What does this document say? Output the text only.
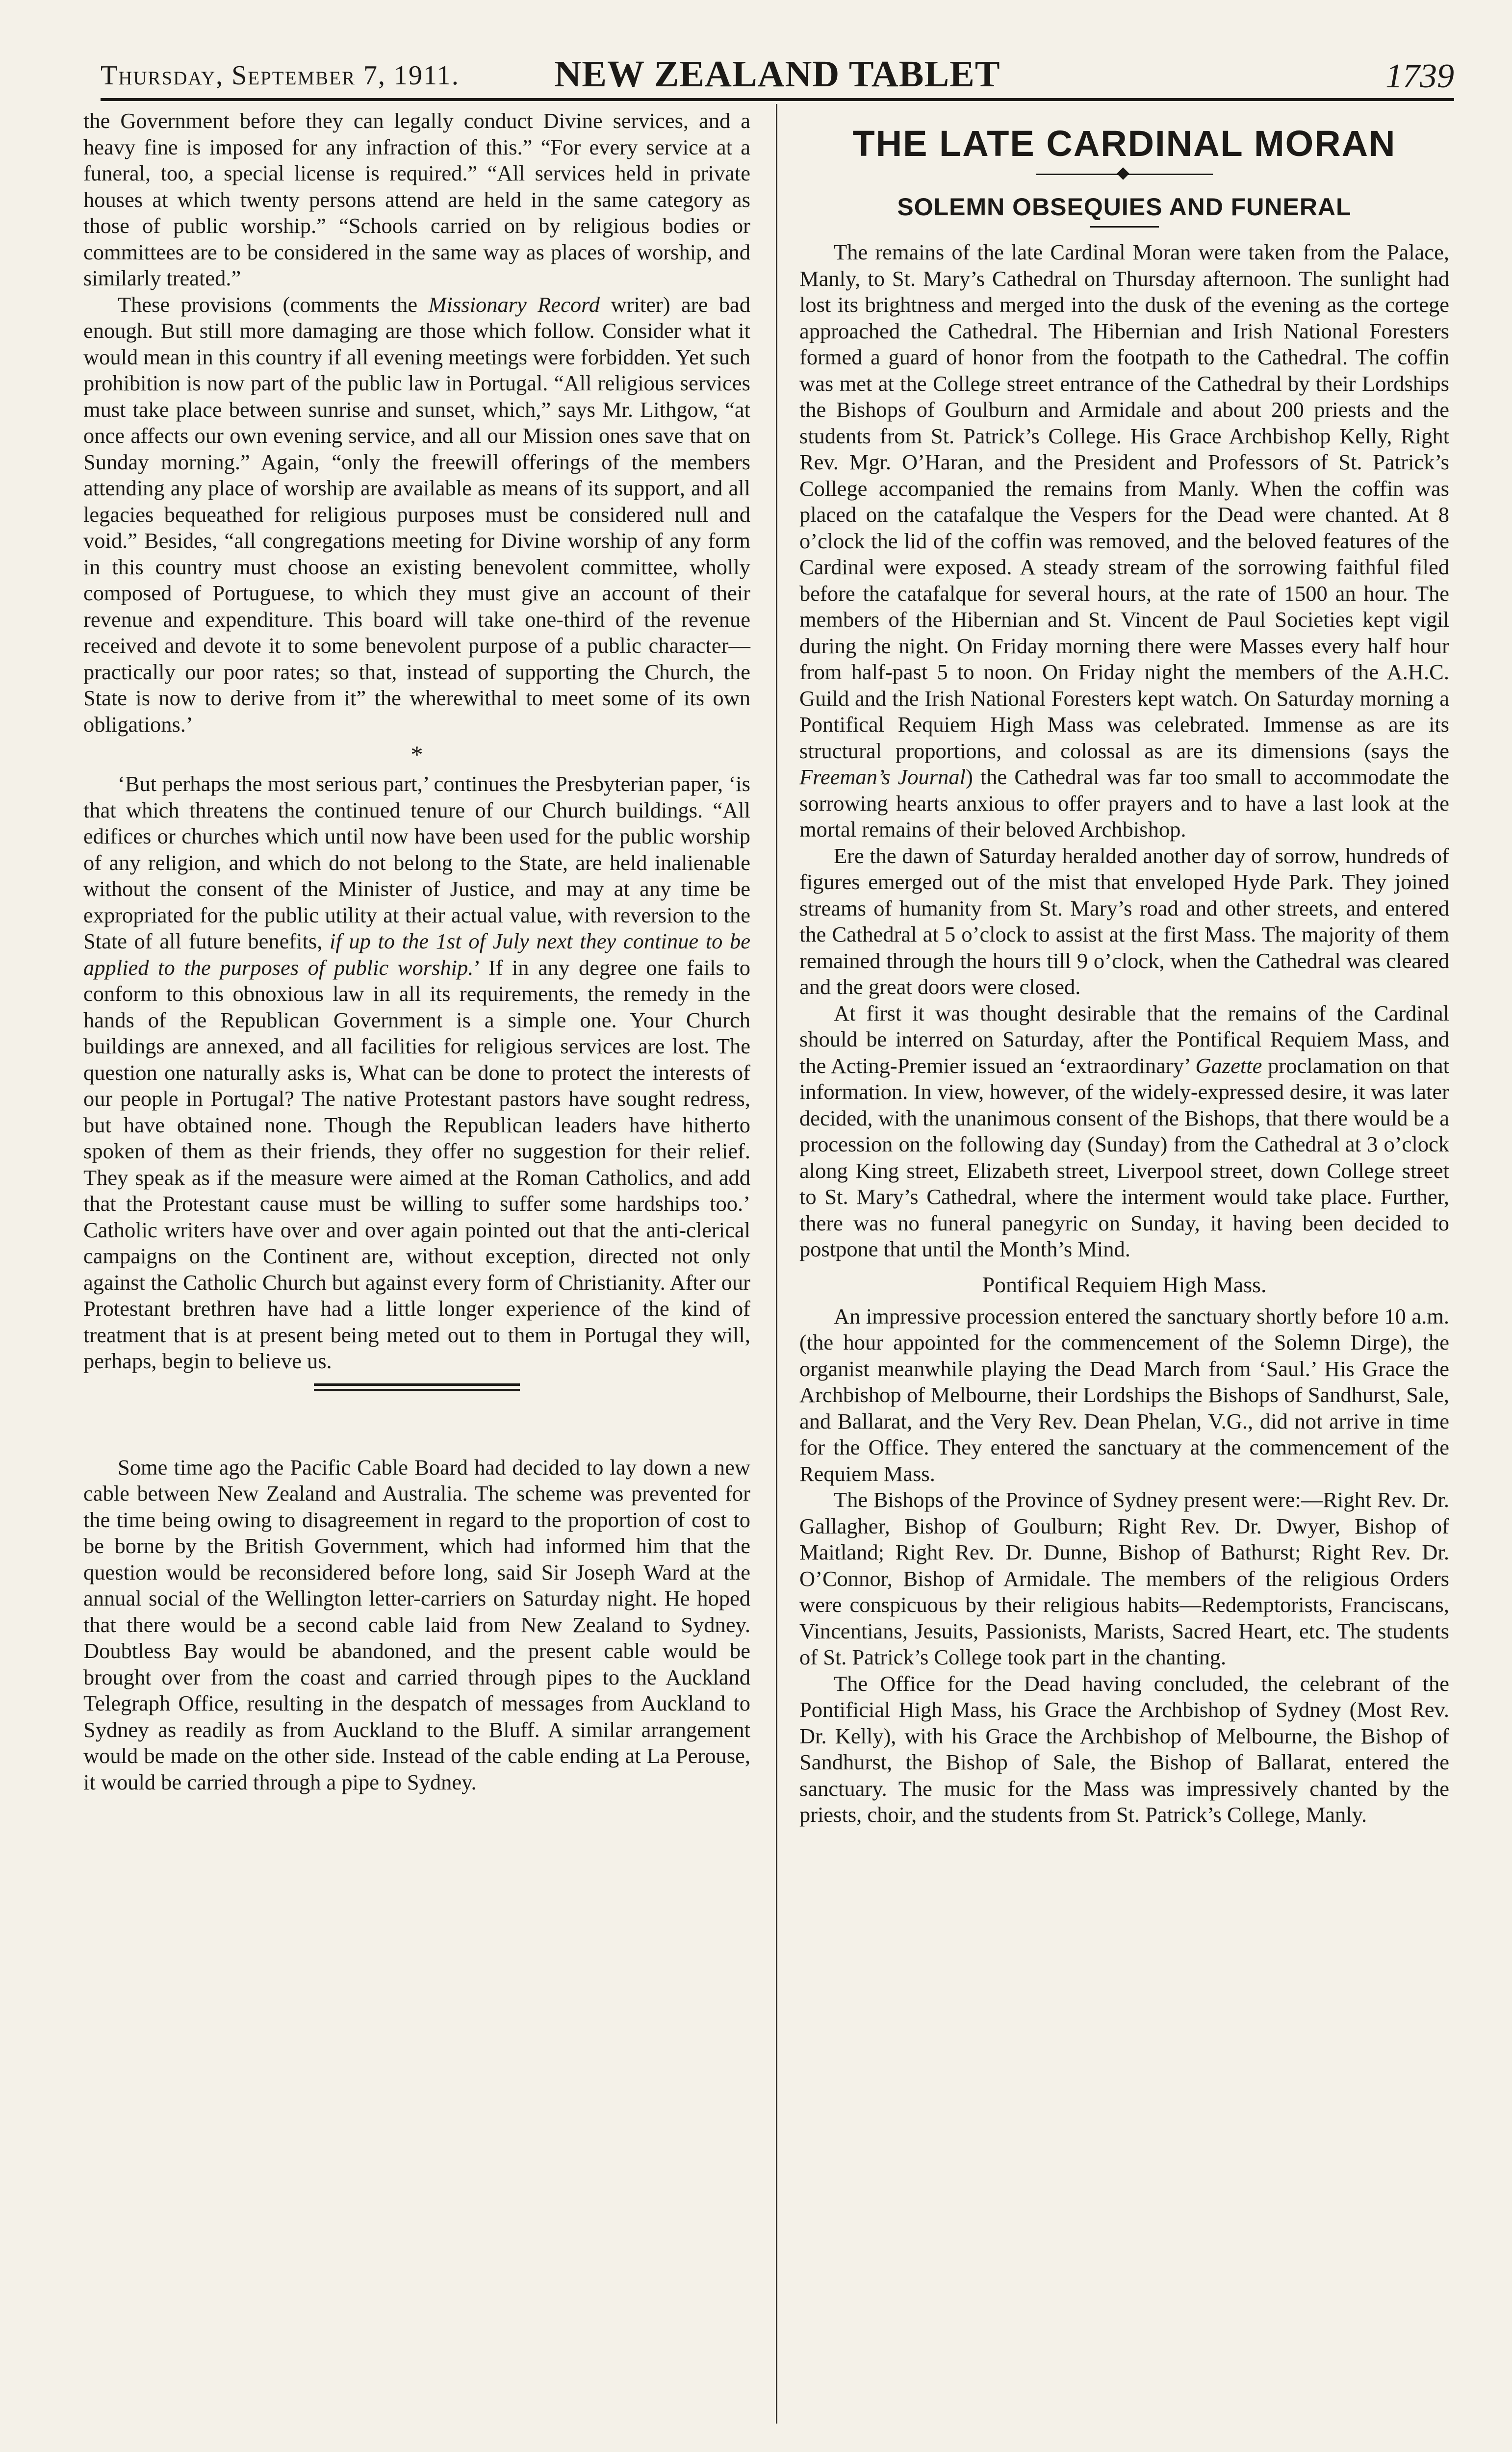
Thursday, September 7, 1911.	NEW ZEALAND TABLET	1739

the Government before they can legally conduct Divine services, and a heavy fine is imposed for any infraction of this.” “For every service at a funeral, too, a special license is required.” “All services held in private houses at which twenty persons attend are held in the same category as those of public worship.” “Schools carried on by religious bodies or committees are to be considered in the same way as places of worship, and similarly treated.”

These provisions (comments the Missionary Record writer) are bad enough. But still more damaging are those which follow. Consider what it would mean in this country if all evening meetings were forbidden. Yet such prohibition is now part of the public law in Portugal. “All religious services must take place between sunrise and sunset, which,” says Mr. Lithgow, “at once affects our own evening service, and all our Mission ones save that on Sunday morning.” Again, “only the freewill offerings of the members attending any place of worship are available as means of its support, and all legacies bequeathed for religious purposes must be considered null and void.” Besides, “all congregations meeting for Divine worship of any form in this country must choose an existing benevolent committee, wholly composed of Portuguese, to which they must give an account of their revenue and expenditure. This board will take one-third of the revenue received and devote it to some benevolent purpose of a public character—practically our poor rates; so that, instead of supporting the Church, the State is now to derive from it” the wherewithal to meet some of its own obligations.’

*

‘But perhaps the most serious part,’ continues the Presbyterian paper, ‘is that which threatens the continued tenure of our Church buildings. “All edifices or churches which until now have been used for the public worship of any religion, and which do not belong to the State, are held inalienable without the consent of the Minister of Justice, and may at any time be expropriated for the public utility at their actual value, with reversion to the State of all future benefits, if up to the 1st of July next they continue to be applied to the purposes of public worship.’ If in any degree one fails to conform to this obnoxious law in all its requirements, the remedy in the hands of the Republican Government is a simple one. Your Church buildings are annexed, and all facilities for religious services are lost. The question one naturally asks is, What can be done to protect the interests of our people in Portugal? The native Protestant pastors have sought redress, but have obtained none. Though the Republican leaders have hitherto spoken of them as their friends, they offer no suggestion for their relief. They speak as if the measure were aimed at the Roman Catholics, and add that the Protestant cause must be willing to suffer some hardships too.’ Catholic writers have over and over again pointed out that the anti-clerical campaigns on the Continent are, without exception, directed not only against the Catholic Church but against every form of Christianity. After our Protestant brethren have had a little longer experience of the kind of treatment that is at present being meted out to them in Portugal they will, perhaps, begin to believe us.

Some time ago the Pacific Cable Board had decided to lay down a new cable between New Zealand and Australia. The scheme was prevented for the time being owing to disagreement in regard to the proportion of cost to be borne by the British Government, which had informed him that the question would be reconsidered before long, said Sir Joseph Ward at the annual social of the Wellington letter-carriers on Saturday night. He hoped that there would be a second cable laid from New Zealand to Sydney. Doubtless Bay would be abandoned, and the present cable would be brought over from the coast and carried through pipes to the Auckland Telegraph Office, resulting in the despatch of messages from Auckland to Sydney as readily as from Auckland to the Bluff. A similar arrangement would be made on the other side. Instead of the cable ending at La Perouse, it would be carried through a pipe to Sydney.

THE LATE CARDINAL MORAN
SOLEMN OBSEQUIES AND FUNERAL

The remains of the late Cardinal Moran were taken from the Palace, Manly, to St. Mary’s Cathedral on Thursday afternoon. The sunlight had lost its brightness and merged into the dusk of the evening as the cortege approached the Cathedral. The Hibernian and Irish National Foresters formed a guard of honor from the footpath to the Cathedral. The coffin was met at the College street entrance of the Cathedral by their Lordships the Bishops of Goulburn and Armidale and about 200 priests and the students from St. Patrick’s College. His Grace Archbishop Kelly, Right Rev. Mgr. O’Haran, and the President and Professors of St. Patrick’s College accompanied the remains from Manly. When the coffin was placed on the catafalque the Vespers for the Dead were chanted. At 8 o’clock the lid of the coffin was removed, and the beloved features of the Cardinal were exposed. A steady stream of the sorrowing faithful filed before the catafalque for several hours, at the rate of 1500 an hour. The members of the Hibernian and St. Vincent de Paul Societies kept vigil during the night. On Friday morning there were Masses every half hour from half-past 5 to noon. On Friday night the members of the A.H.C. Guild and the Irish National Foresters kept watch. On Saturday morning a Pontifical Requiem High Mass was celebrated. Immense as are its structural proportions, and colossal as are its dimensions (says the Freeman’s Journal) the Cathedral was far too small to accommodate the sorrowing hearts anxious to offer prayers and to have a last look at the mortal remains of their beloved Archbishop.

Ere the dawn of Saturday heralded another day of sorrow, hundreds of figures emerged out of the mist that enveloped Hyde Park. They joined streams of humanity from St. Mary’s road and other streets, and entered the Cathedral at 5 o’clock to assist at the first Mass. The majority of them remained through the hours till 9 o’clock, when the Cathedral was cleared and the great doors were closed.

At first it was thought desirable that the remains of the Cardinal should be interred on Saturday, after the Pontifical Requiem Mass, and the Acting-Premier issued an ‘extraordinary’ Gazette proclamation on that information. In view, however, of the widely-expressed desire, it was later decided, with the unanimous consent of the Bishops, that there would be a procession on the following day (Sunday) from the Cathedral at 3 o’clock along King street, Elizabeth street, Liverpool street, down College street to St. Mary’s Cathedral, where the interment would take place. Further, there was no funeral panegyric on Sunday, it having been decided to postpone that until the Month’s Mind.

Pontifical Requiem High Mass.

An impressive procession entered the sanctuary shortly before 10 a.m. (the hour appointed for the commencement of the Solemn Dirge), the organist meanwhile playing the Dead March from ‘Saul.’ His Grace the Archbishop of Melbourne, their Lordships the Bishops of Sandhurst, Sale, and Ballarat, and the Very Rev. Dean Phelan, V.G., did not arrive in time for the Office. They entered the sanctuary at the commencement of the Requiem Mass.

The Bishops of the Province of Sydney present were:—Right Rev. Dr. Gallagher, Bishop of Goulburn; Right Rev. Dr. Dwyer, Bishop of Maitland; Right Rev. Dr. Dunne, Bishop of Bathurst; Right Rev. Dr. O’Connor, Bishop of Armidale. The members of the religious Orders were conspicuous by their religious habits—Redemptorists, Franciscans, Vincentians, Jesuits, Passionists, Marists, Sacred Heart, etc. The students of St. Patrick’s College took part in the chanting.

The Office for the Dead having concluded, the celebrant of the Pontificial High Mass, his Grace the Archbishop of Sydney (Most Rev. Dr. Kelly), with his Grace the Archbishop of Melbourne, the Bishop of Sandhurst, the Bishop of Sale, the Bishop of Ballarat, entered the sanctuary. The music for the Mass was impressively chanted by the priests, choir, and the students from St. Patrick’s College, Manly.
